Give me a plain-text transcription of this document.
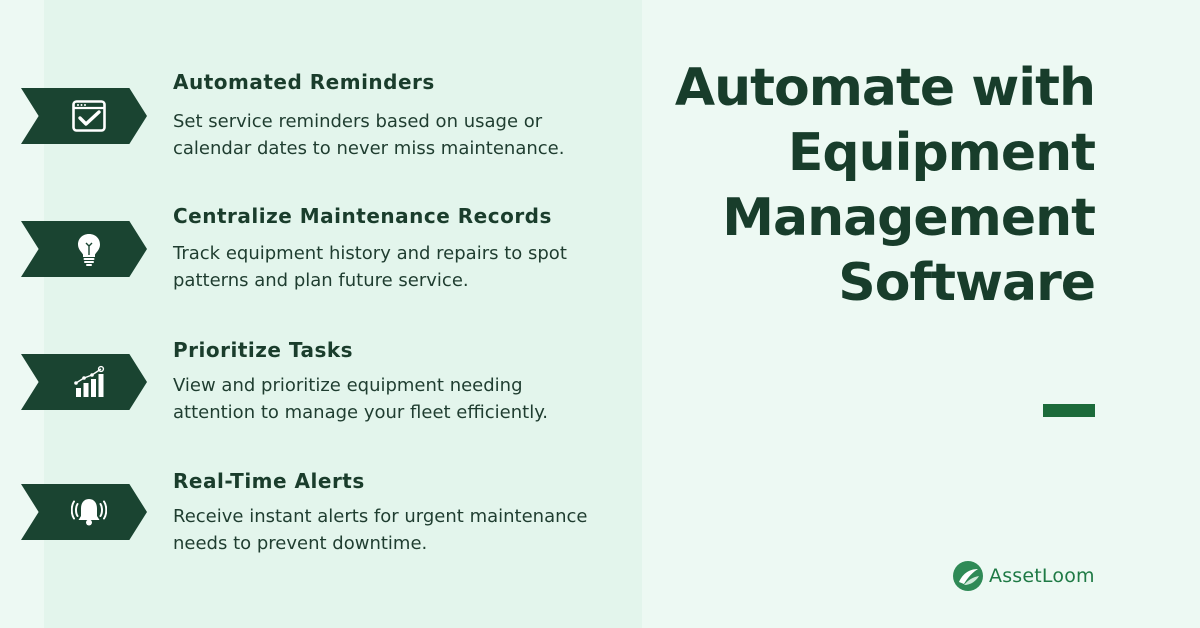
Automated Reminders
Set service reminders based on usage or
calendar dates to never miss maintenance.
Centralize Maintenance Records
Track equipment history and repairs to spot
patterns and plan future service.
Prioritize Tasks
View and prioritize equipment needing
attention to manage your fleet efficiently.
Real-Time Alerts
Receive instant alerts for urgent maintenance
needs to prevent downtime.
Automate with
Equipment
Management
Software
AssetLoom
